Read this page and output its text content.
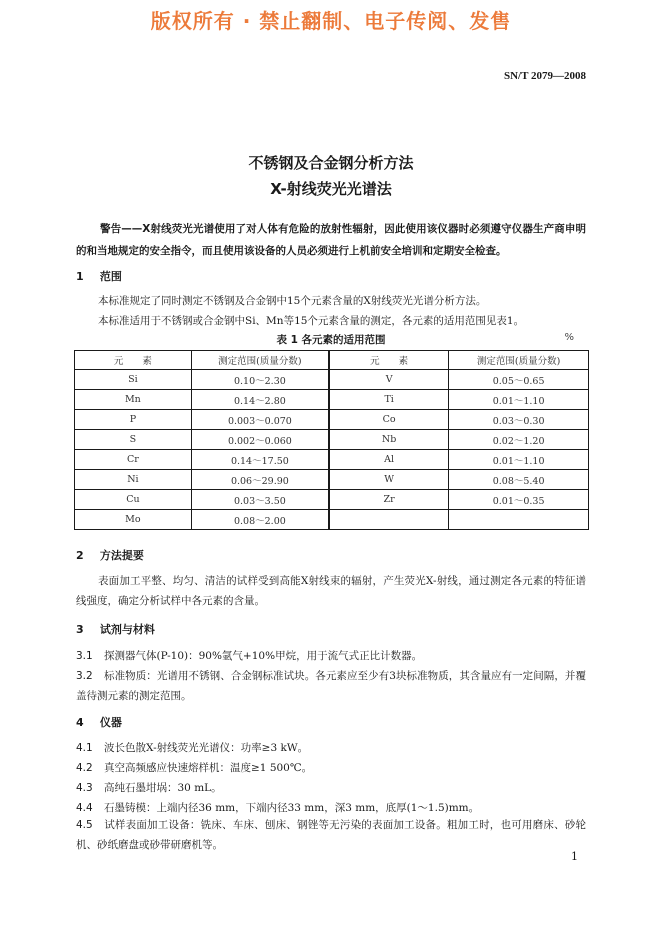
版权所有 · 禁止翻制、电子传阅、发售
SN/T 2079—2008
不锈钢及合金钢分析方法
X-射线荧光光谱法
警告——X射线荧光光谱使用了对人体有危险的放射性辐射，因此使用该仪器时必须遵守仪器生产商申明的和当地规定的安全指令，而且使用该设备的人员必须进行上机前安全培训和定期安全检查。
1 范围
本标准规定了同时测定不锈钢及合金钢中15个元素含量的X射线荧光光谱分析方法。
本标准适用于不锈钢或合金钢中Si、Mn等15个元素含量的测定，各元素的适用范围见表1。
表 1 各元素的适用范围	%
元　　素	测定范围(质量分数)	元　　素	测定范围(质量分数)
Si	0.10～2.30	V	0.05～0.65
Mn	0.14～2.80	Ti	0.01～1.10
P	0.003～0.070	Co	0.03～0.30
S	0.002～0.060	Nb	0.02～1.20
Cr	0.14～17.50	Al	0.01～1.10
Ni	0.06～29.90	W	0.08～5.40
Cu	0.03～3.50	Zr	0.01～0.35
Mo	0.08～2.00		
2 方法提要
表面加工平整、均匀、清洁的试样受到高能X射线束的辐射，产生荧光X-射线，通过测定各元素的特征谱线强度，确定分析试样中各元素的含量。
3 试剂与材料
3.1 探测器气体(P-10)：90%氩气+10%甲烷，用于流气式正比计数器。
3.2 标准物质：光谱用不锈钢、合金钢标准试块。各元素应至少有3块标准物质，其含量应有一定间隔，并覆盖待测元素的测定范围。
4 仪器
4.1 波长色散X-射线荧光光谱仪：功率≥3 kW。
4.2 真空高频感应快速熔样机：温度≥1 500℃。
4.3 高纯石墨坩埚：30 mL。
4.4 石墨铸模：上端内径36 mm，下端内径33 mm，深3 mm，底厚(1～1.5)mm。
4.5 试样表面加工设备：铣床、车床、刨床、钢锉等无污染的表面加工设备。粗加工时，也可用磨床、砂轮机、砂纸磨盘或砂带研磨机等。
1
